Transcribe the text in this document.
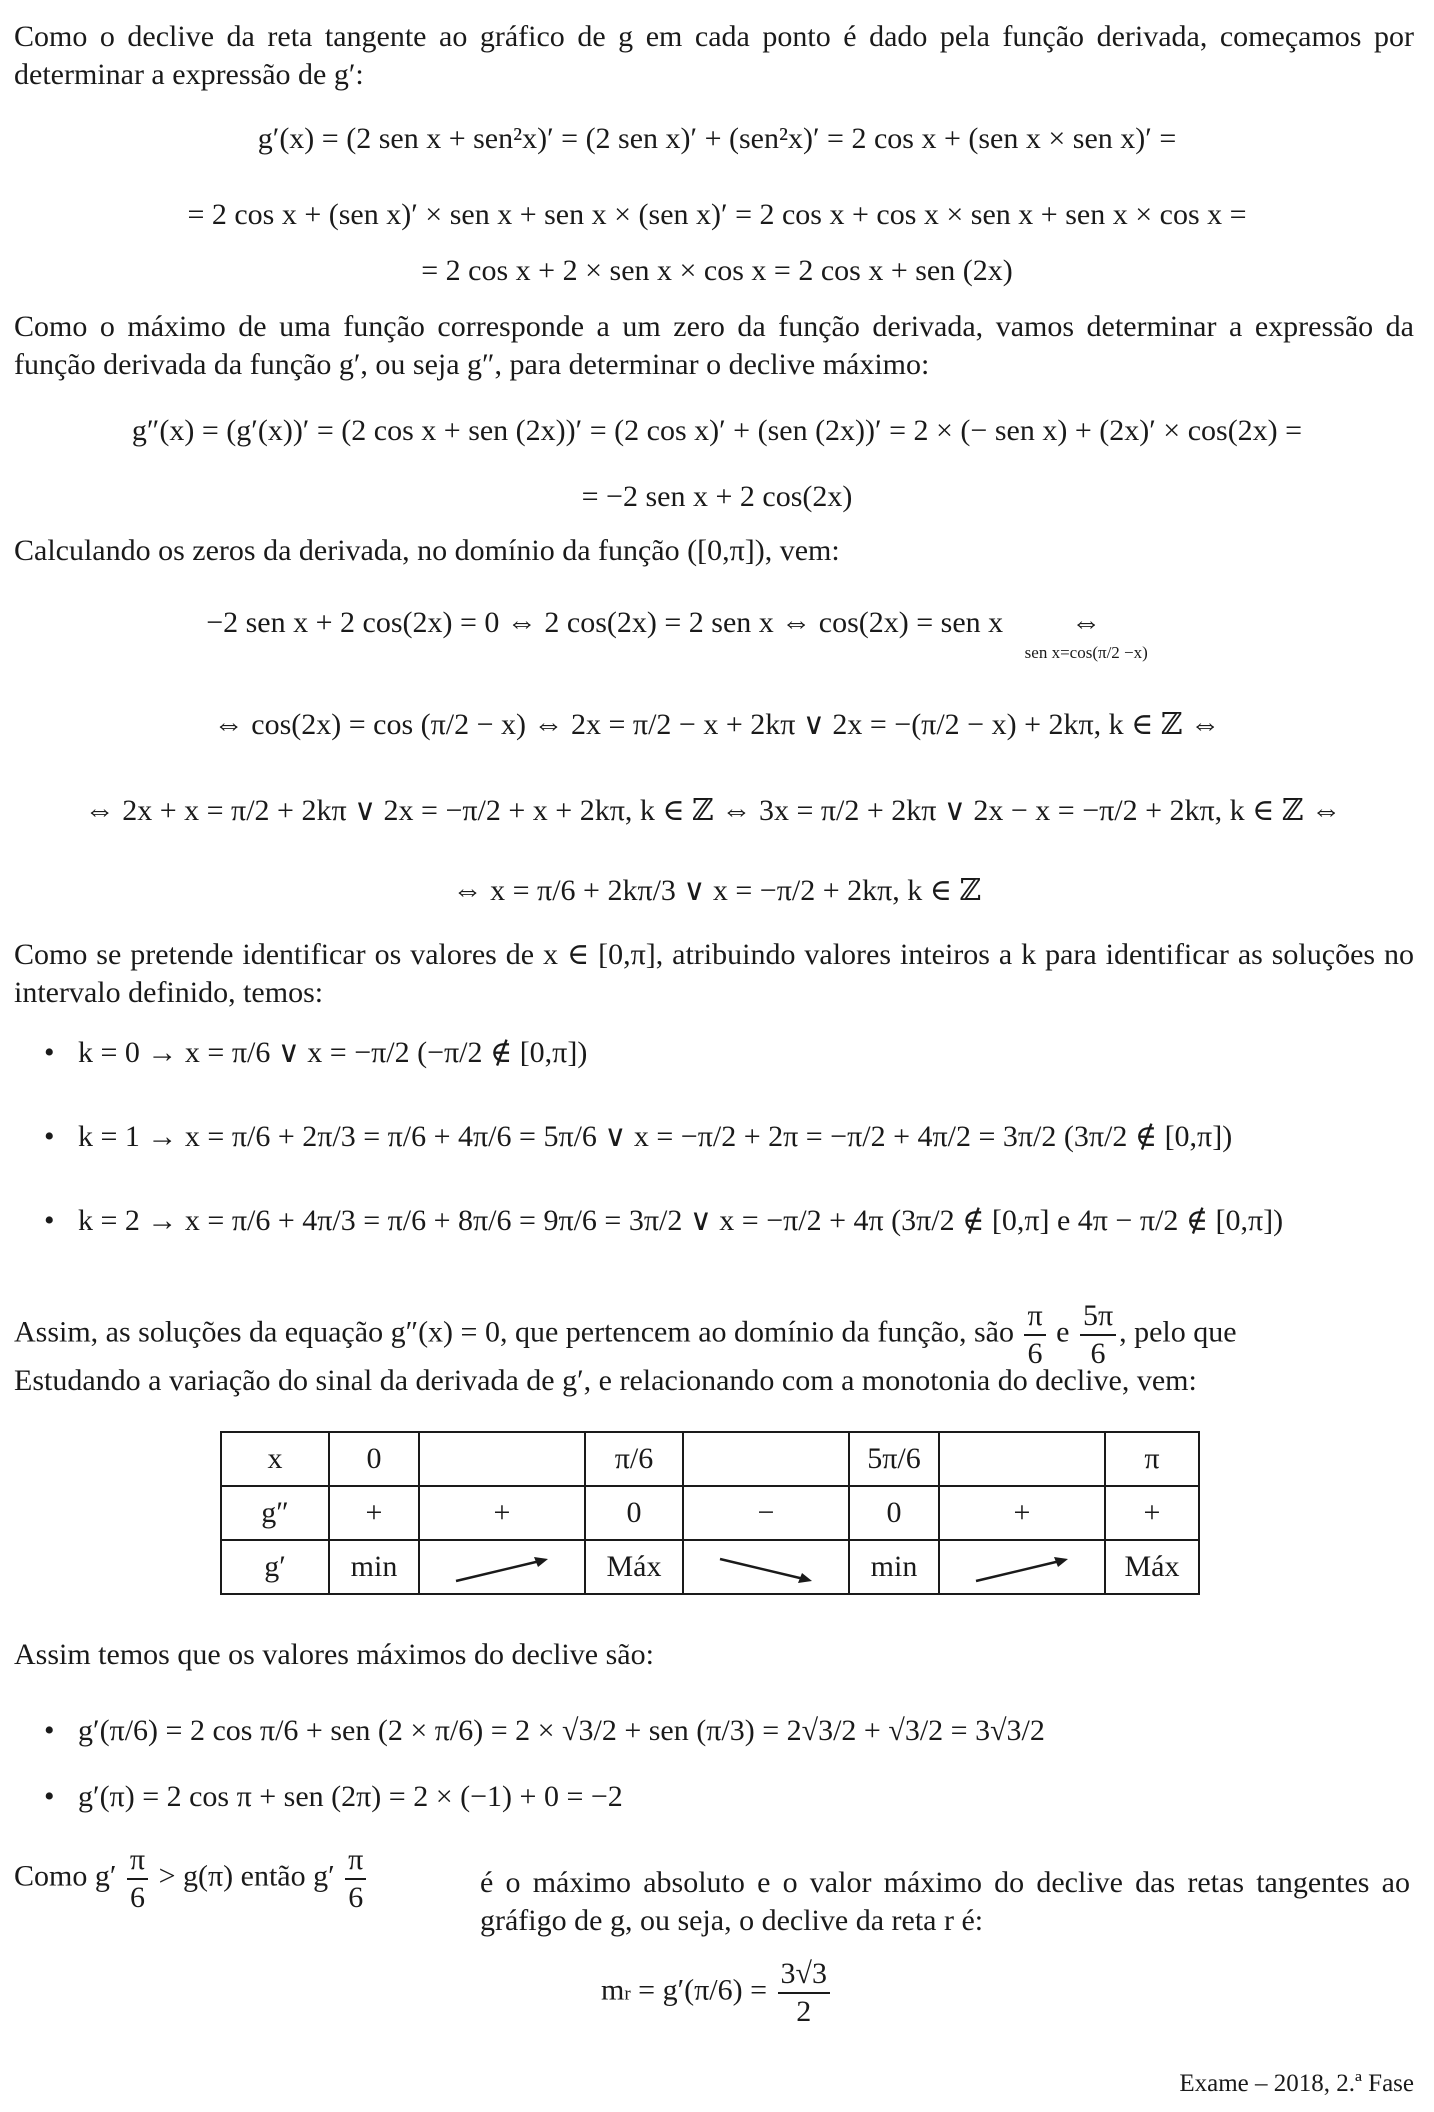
Como o declive da reta tangente ao gráfico de g em cada ponto é dado pela função derivada, começamos por determinar a expressão de g′:

g′(x) = (2 sen x + sen²x)′ = (2 sen x)′ + (sen²x)′ = 2 cos x + (sen x × sen x)′ =
= 2 cos x + (sen x)′ × sen x + sen x × (sen x)′ = 2 cos x + cos x × sen x + sen x × cos x =
= 2 cos x + 2 × sen x × cos x = 2 cos x + sen (2x)

Como o máximo de uma função corresponde a um zero da função derivada, vamos determinar a expressão da função derivada da função g′, ou seja g″, para determinar o declive máximo:

g″(x) = (g′(x))′ = (2 cos x + sen (2x))′ = (2 cos x)′ + (sen (2x))′ = 2 × (− sen x) + (2x)′ × cos(2x) =
= −2 sen x + 2 cos(2x)

Calculando os zeros da derivada, no domínio da função ([0,π]), vem:

−2 sen x + 2 cos(2x) = 0 ⇔ 2 cos(2x) = 2 sen x ⇔ cos(2x) = sen x	⇔
sen x=cos(π/2 −x)
⇔ cos(2x) = cos (π/2 − x) ⇔ 2x = π/2 − x + 2kπ ∨ 2x = −(π/2 − x) + 2kπ, k ∈ ℤ ⇔
⇔ 2x + x = π/2 + 2kπ ∨ 2x = −π/2 + x + 2kπ, k ∈ ℤ ⇔ 3x = π/2 + 2kπ ∨ 2x − x = −π/2 + 2kπ, k ∈ ℤ ⇔
⇔ x = π/6 + 2kπ/3 ∨ x = −π/2 + 2kπ, k ∈ ℤ

Como se pretende identificar os valores de x ∈ [0,π], atribuindo valores inteiros a k para identificar as soluções no intervalo definido, temos:

• k = 0 → x = π/6 ∨ x = −π/2 (−π/2 ∉ [0,π])
• k = 1 → x = π/6 + 2π/3 = π/6 + 4π/6 = 5π/6 ∨ x = −π/2 + 2π = −π/2 + 4π/2 = 3π/2 (3π/2 ∉ [0,π])
• k = 2 → x = π/6 + 4π/3 = π/6 + 8π/6 = 9π/6 = 3π/2 ∨ x = −π/2 + 4π (3π/2 ∉ [0,π] e 4π − π/2 ∉ [0,π])

Assim, as soluções da equação g″(x) = 0, que pertencem ao domínio da função, são $\frac{\pi}{6}$ e $\frac{5\pi}{6}$ , pelo que

Estudando a variação do sinal da derivada de g′, e relacionando com a monotonia do declive, vem:

x	0		π/6		5π/6		π
g″	+	+	0	−	0	+	+
g′	min		Máx		min		Máx

Assim temos que os valores máximos do declive são:

• g′(π/6) = 2 cos π/6 + sen (2 × π/6) = 2 × √3/2 + sen (π/3) = 2√3/2 + √3/2 = 3√3/2
• g′(π) = 2 cos π + sen (2π) = 2 × (−1) + 0 = −2

Como $g' \frac{\pi}{6} > g(\pi)$ então $g' \frac{\pi}{6}$	é o máximo absoluto e o valor máximo do declive das retas tangentes ao gráfigo de g, ou seja, o declive da reta r é:

mr = $g'(\pi/6) = \frac{3√3}{2}$
Exame – 2018, 2.ª Fase
